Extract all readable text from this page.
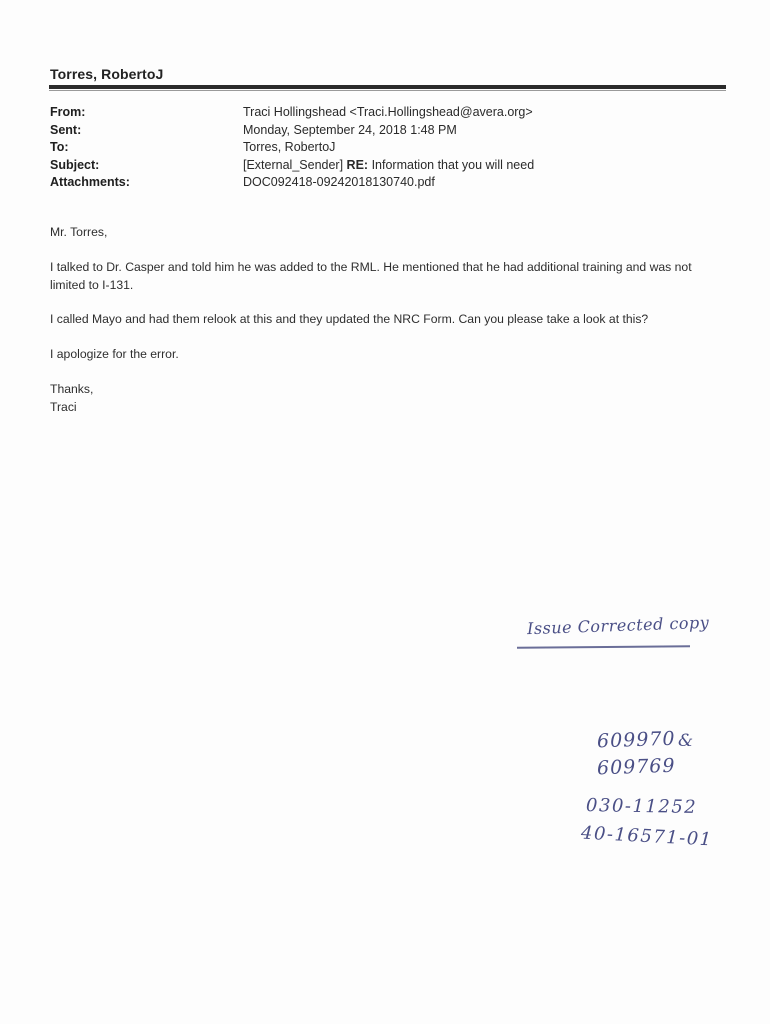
Torres, RobertoJ
From:	Traci Hollingshead <Traci.Hollingshead@avera.org>
Sent:	Monday, September 24, 2018 1:48 PM
To:	Torres, RobertoJ
Subject:	[External_Sender] RE: Information that you will need
Attachments:	DOC092418-09242018130740.pdf
Mr. Torres,
I talked to Dr. Casper and told him he was added to the RML. He mentioned that he had additional training and was not limited to I-131.
I called Mayo and had them relook at this and they updated the NRC Form. Can you please take a look at this?
I apologize for the error.
Thanks,
Traci
Issue Corrected copy
609970 &
609769
030-11252
40-16571-01
